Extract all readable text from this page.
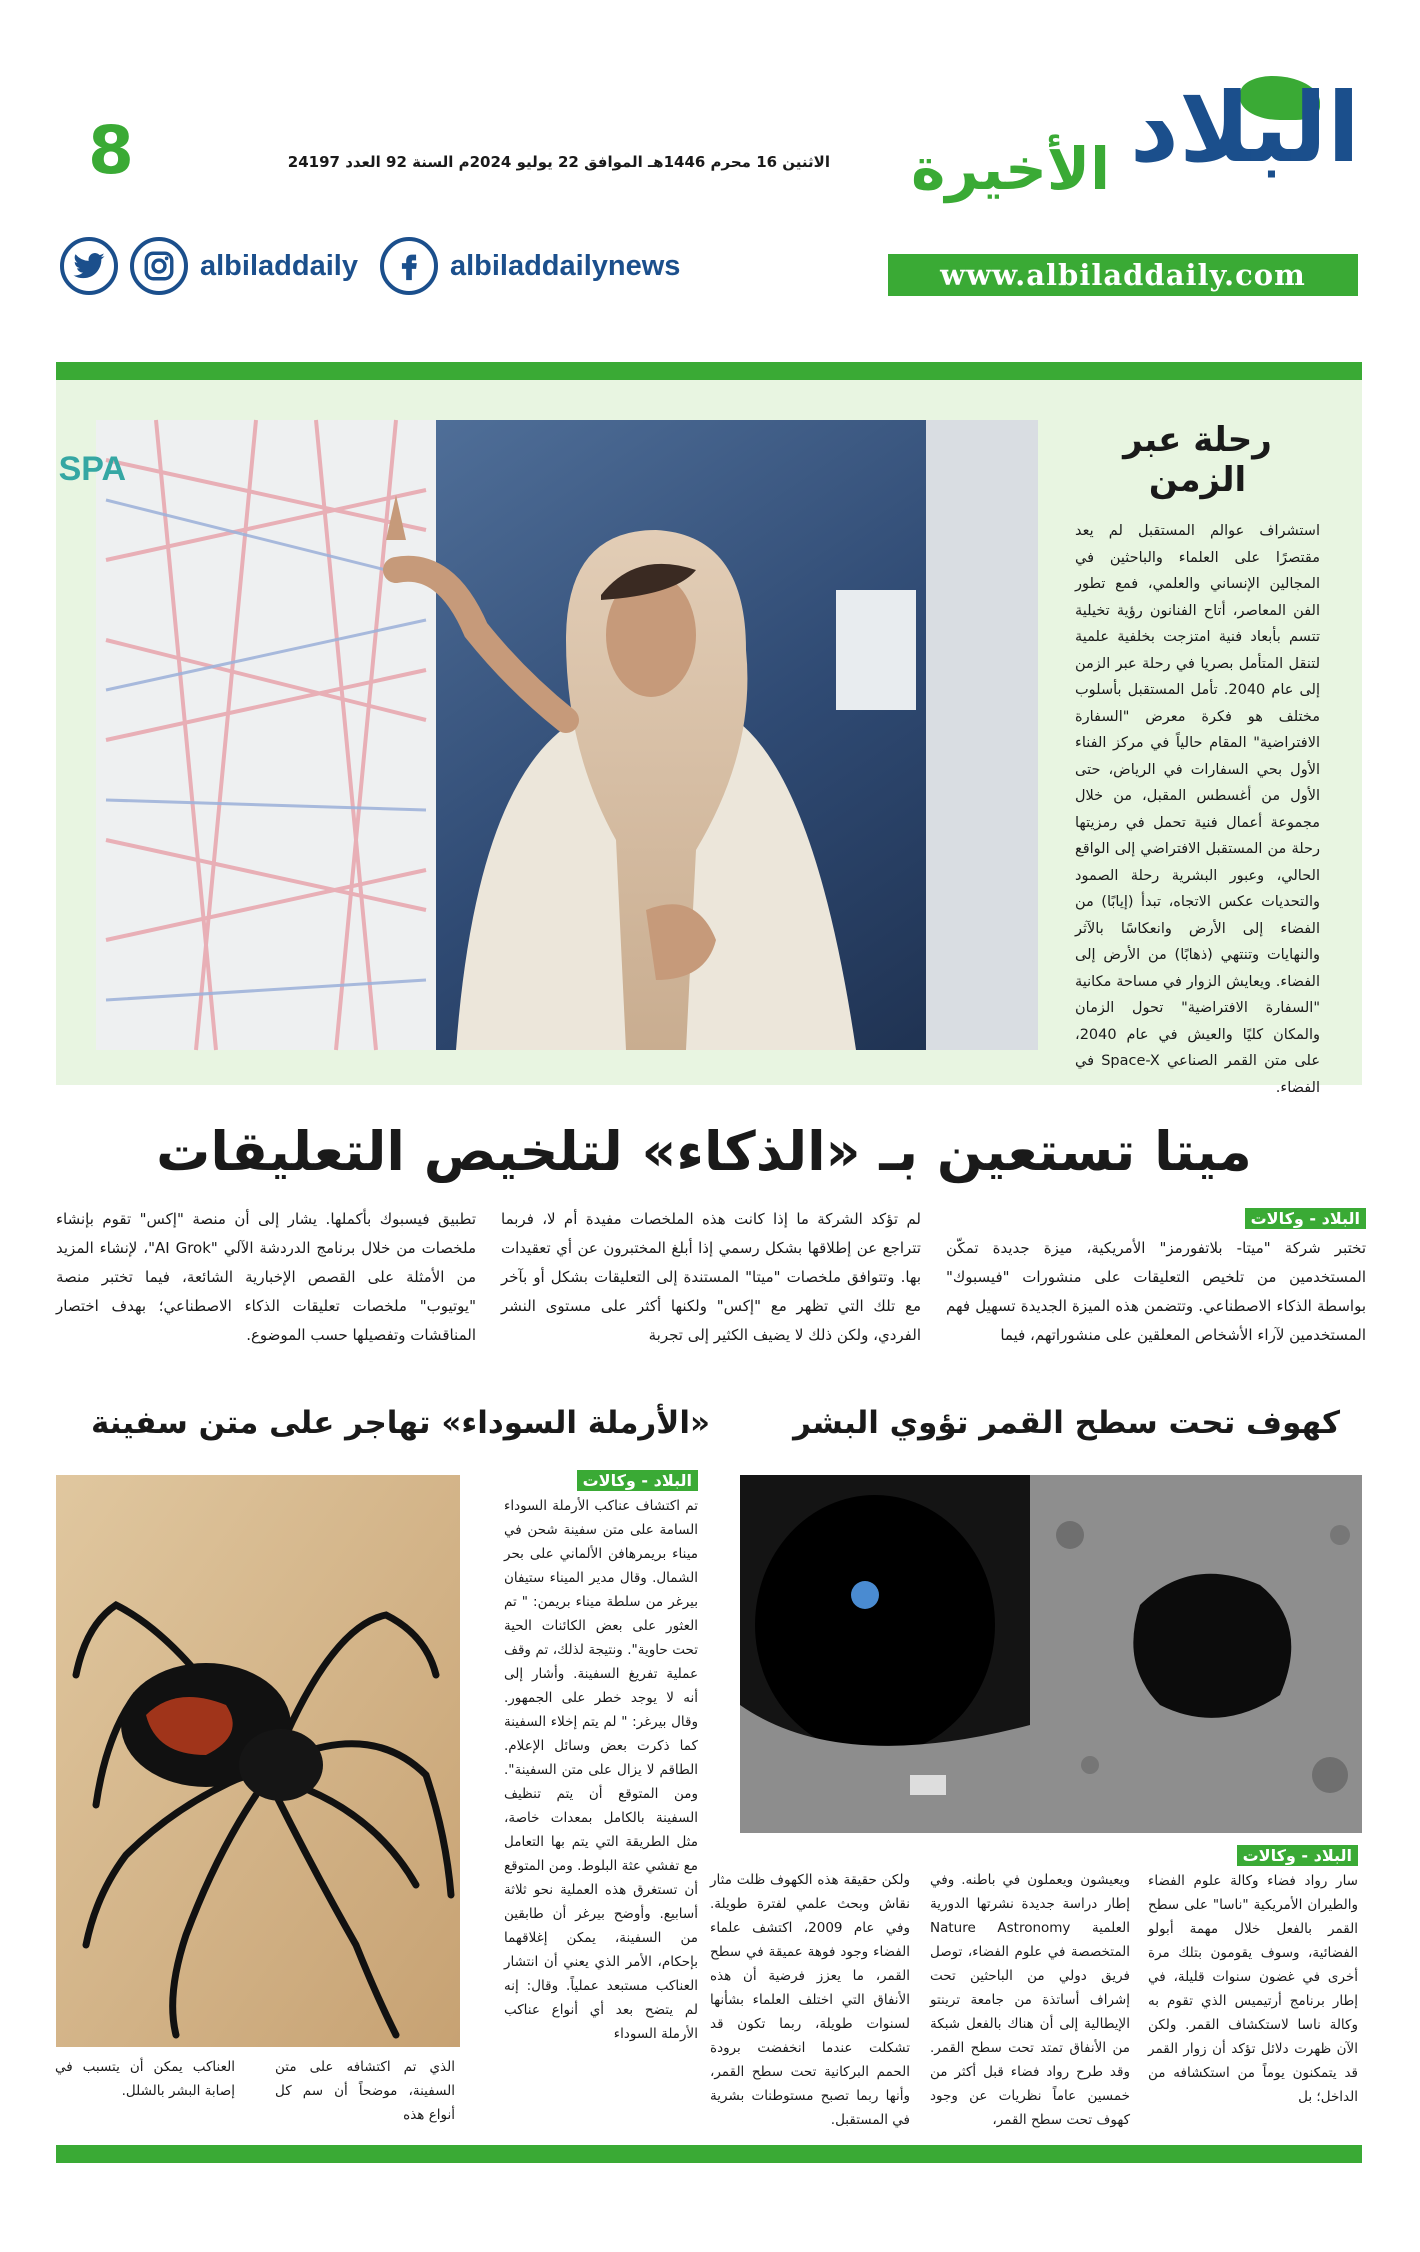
البلاد
الأخيرة
8	الاثنين 16 محرم 1446هـ الموافق 22 يوليو 2024م السنة 92 العدد 24197
www.albiladdaily.com
albiladdaily	albiladdailynews
SPA
رحلة عبر الزمن

استشراف عوالم المستقبل لم يعد مقتصرًا على العلماء والباحثين في المجالين الإنساني والعلمي، فمع تطور الفن المعاصر، أتاح الفنانون رؤية تخيلية تتسم بأبعاد فنية امتزجت بخلفية علمية لتنقل المتأمل بصريا في رحلة عبر الزمن إلى عام 2040. تأمل المستقبل بأسلوب مختلف هو فكرة معرض "السفارة الافتراضية" المقام حالياً في مركز الفناء الأول بحي السفارات في الرياض، حتى الأول من أغسطس المقبل، من خلال مجموعة أعمال فنية تحمل في رمزيتها رحلة من المستقبل الافتراضي إلى الواقع الحالي، وعبور البشرية رحلة الصمود والتحديات عكس الاتجاه، تبدأ (إيابًا) من الفضاء إلى الأرض وانعكاسًا بالآثر والنهايات وتنتهي (ذهابًا) من الأرض إلى الفضاء. ويعايش الزوار في مساحة مكانية "السفارة الافتراضية" تحول الزمان والمكان كليًا والعيش في عام 2040، على متن القمر الصناعي Space-X في الفضاء.

ميتا تستعين بـ «الذكاء» لتلخيص التعليقات
البلاد - وكالات
تختبر شركة "ميتا- بلاتفورمز" الأمريكية، ميزة جديدة تمكّن المستخدمين من تلخيص التعليقات على منشورات "فيسبوك" بواسطة الذكاء الاصطناعي. وتتضمن هذه الميزة الجديدة تسهيل فهم المستخدمين لآراء الأشخاص المعلقين على منشوراتهم، فيما
لم تؤكد الشركة ما إذا كانت هذه الملخصات مفيدة أم لا، فربما تتراجع عن إطلاقها بشكل رسمي إذا أبلغ المختبرون عن أي تعقيدات بها. وتتوافق ملخصات "ميتا" المستندة إلى التعليقات بشكل أو بآخر مع تلك التي تظهر مع "إكس" ولكنها أكثر على مستوى النشر الفردي، ولكن ذلك لا يضيف الكثير إلى تجربة
تطبيق فيسبوك بأكملها. يشار إلى أن منصة "إكس" تقوم بإنشاء ملخصات من خلال برنامج الدردشة الآلي "AI Grok"، لإنشاء المزيد من الأمثلة على القصص الإخبارية الشائعة، فيما تختبر منصة "يوتيوب" ملخصات تعليقات الذكاء الاصطناعي؛ بهدف اختصار المناقشات وتفصيلها حسب الموضوع.
كهوف تحت سطح القمر تؤوي البشر
البلاد - وكالات
سار رواد فضاء وكالة علوم الفضاء والطيران الأمريكية "ناسا" على سطح القمر بالفعل خلال مهمة أبولو الفضائية، وسوف يقومون بتلك مرة أخرى في غضون سنوات قليلة، في إطار برنامج أرتيميس الذي تقوم به وكالة ناسا لاستكشاف القمر. ولكن الآن ظهرت دلائل تؤكد أن زوار القمر قد يتمكنون يوماً من استكشافه من الداخل؛ بل
ويعيشون ويعملون في باطنه. وفي إطار دراسة جديدة نشرتها الدورية العلمية Nature Astronomy المتخصصة في علوم الفضاء، توصل فريق دولي من الباحثين تحت إشراف أساتذة من جامعة ترينتو الإيطالية إلى أن هناك بالفعل شبكة من الأنفاق تمتد تحت سطح القمر. وقد طرح رواد فضاء قبل أكثر من خمسين عاماً نظريات عن وجود كهوف تحت سطح القمر،
ولكن حقيقة هذه الكهوف ظلت مثار نقاش وبحث علمي لفترة طويلة. وفي عام 2009، اكتشف علماء الفضاء وجود فوهة عميقة في سطح القمر، ما يعزز فرضية أن هذه الأنفاق التي اختلف العلماء بشأنها لسنوات طويلة، ربما تكون قد تشكلت عندما انخفضت برودة الحمم البركانية تحت سطح القمر، وأنها ربما تصبح مستوطنات بشرية في المستقبل.
«الأرملة السوداء» تهاجر على متن سفينة
البلاد - وكالات
تم اكتشاف عناكب الأرملة السوداء السامة على متن سفينة شحن في ميناء بريمرهافن الألماني على بحر الشمال. وقال مدير الميناء ستيفان بيرغر من سلطة ميناء بريمن: " تم العثور على بعض الكائنات الحية تحت حاوية". ونتيجة لذلك، تم وقف عملية تفريغ السفينة. وأشار إلى أنه لا يوجد خطر على الجمهور. وقال بيرغر: " لم يتم إخلاء السفينة كما ذكرت بعض وسائل الإعلام. الطاقم لا يزال على متن السفينة". ومن المتوقع أن يتم تنظيف السفينة بالكامل بمعدات خاصة، مثل الطريقة التي يتم بها التعامل مع تفشي عثة البلوط. ومن المتوقع أن تستغرق هذه العملية نحو ثلاثة أسابيع. وأوضح بيرغر أن طابقين من السفينة، يمكن إغلاقهما بإحكام، الأمر الذي يعني أن انتشار العناكب مستبعد عملياً. وقال: إنه لم يتضح بعد أي أنواع عناكب الأرملة السوداء
الذي تم اكتشافه على متن السفينة، موضحاً أن سم كل أنواع هذه
العناكب يمكن أن يتسبب في إصابة البشر بالشلل.
